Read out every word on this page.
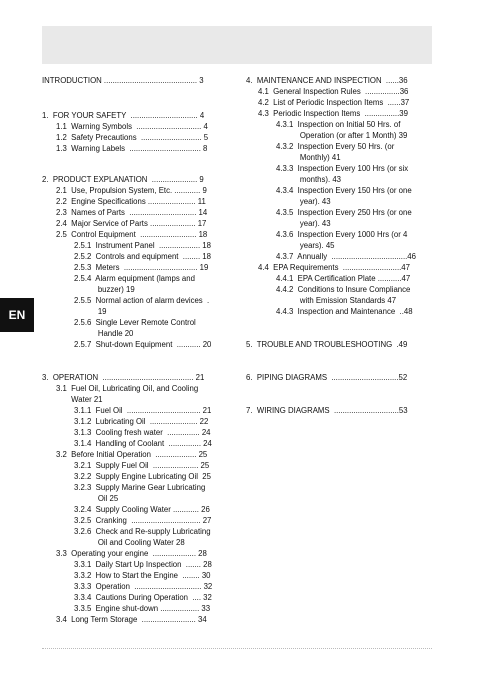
EN
INTRODUCTION ........................................... 3
1.  FOR YOUR SAFETY  ............................... 4
1.1  Warning Symbols  .............................. 4
1.2  Safety Precautions  ............................ 5
1.3  Warning Labels  ................................. 8
2.  PRODUCT EXPLANATION  ..................... 9
2.1  Use, Propulsion System, Etc. ............ 9
2.2  Engine Specifications ...................... 11
2.3  Names of Parts  ............................... 14
2.4  Major Service of Parts ..................... 17
2.5  Control Equipment  .......................... 18
2.5.1  Instrument Panel  ................... 18
2.5.2  Controls and equipment  ........ 18
2.5.3  Meters  .................................. 19
2.5.4  Alarm equipment (lamps and
buzzer) 19
2.5.5  Normal action of alarm devices  .
19
2.5.6  Single Lever Remote Control
Handle 20
2.5.7  Shut-down Equipment  ........... 20
3.  OPERATION  .......................................... 21
3.1  Fuel Oil, Lubricating Oil, and Cooling
Water 21
3.1.1  Fuel Oil  .................................. 21
3.1.2  Lubricating Oil  ...................... 22
3.1.3  Cooling fresh water  ............... 24
3.1.4  Handling of Coolant  ............... 24
3.2  Before Initial Operation  ................... 25
3.2.1  Supply Fuel Oil  ..................... 25
3.2.2  Supply Engine Lubricating Oil  25
3.2.3  Supply Marine Gear Lubricating
Oil 25
3.2.4  Supply Cooling Water ............ 26
3.2.5  Cranking  ................................ 27
3.2.6  Check and Re-supply Lubricating
Oil and Cooling Water 28
3.3  Operating your engine  .................... 28
3.3.1  Daily Start Up Inspection  ....... 28
3.3.2  How to Start the Engine  ........ 30
3.3.3  Operation  ............................... 32
3.3.4  Cautions During Operation  .... 32
3.3.5  Engine shut-down .................. 33
3.4  Long Term Storage  ......................... 34
4.  MAINTENANCE AND INSPECTION  ......36
4.1  General Inspection Rules  ................36
4.2  List of Periodic Inspection Items  ......37
4.3  Periodic Inspection Items  ................39
4.3.1  Inspection on Initial 50 Hrs. of
Operation (or after 1 Month) 39
4.3.2  Inspection Every 50 Hrs. (or
Monthly) 41
4.3.3  Inspection Every 100 Hrs (or six
months). 43
4.3.4  Inspection Every 150 Hrs (or one
year). 43
4.3.5  Inspection Every 250 Hrs (or one
year). 43
4.3.6  Inspection Every 1000 Hrs (or 4
years). 45
4.3.7  Annually  ...................................46
4.4  EPA Requirements  ...........................47
4.4.1  EPA Certification Plate ...........47
4.4.2  Conditions to Insure Compliance
with Emission Standards 47
4.4.3  Inspection and Maintenance  ..48
5.  TROUBLE AND TROUBLESHOOTING  .49
6.  PIPING DIAGRAMS  ...............................52
7.  WIRING DIAGRAMS  ..............................53
